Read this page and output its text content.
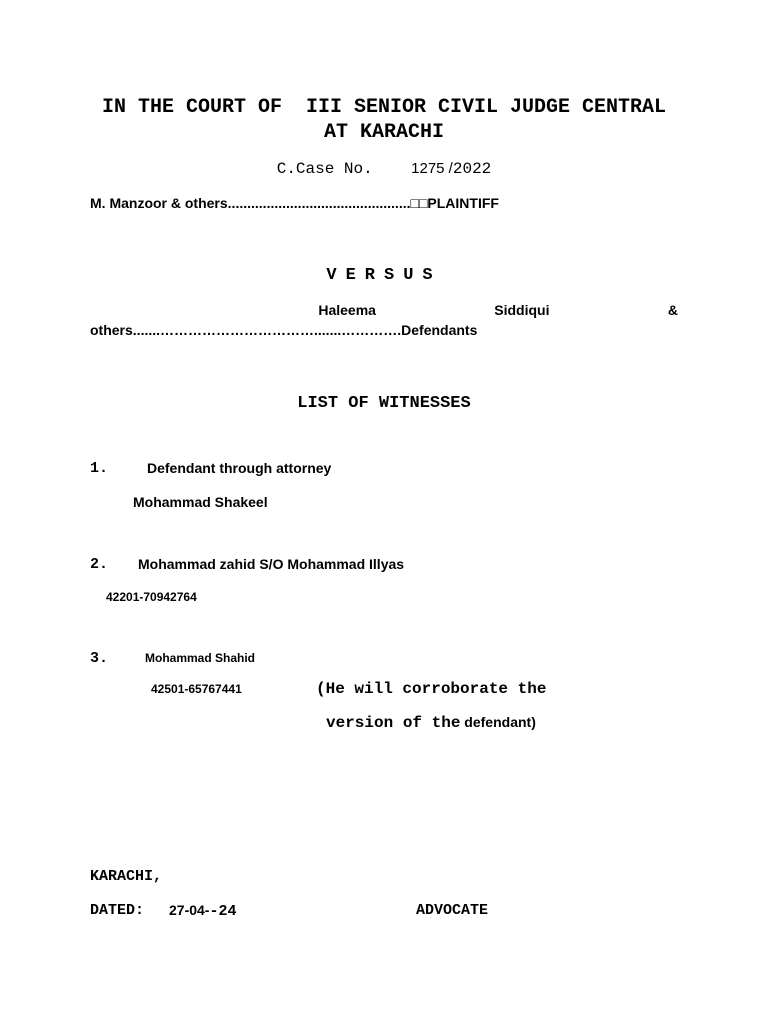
IN THE COURT OF  III SENIOR CIVIL JUDGE CENTRAL
AT KARACHI
C.Case No.	1275 /2022
M. Manzoor & others...............................................□□PLAINTIFF
VERSUS
Haleema	Siddiqui	&
others.......…………………………….......………….Defendants
LIST OF WITNESSES
1.	Defendant through attorney
Mohammad Shakeel
2. Mohammad zahid S/O Mohammad Illyas
42201-70942764
3.	Mohammad Shahid
42501-65767441	(He will corroborate the
version of the defendant)
KARACHI,
DATED: 27-04--24	ADVOCATE
